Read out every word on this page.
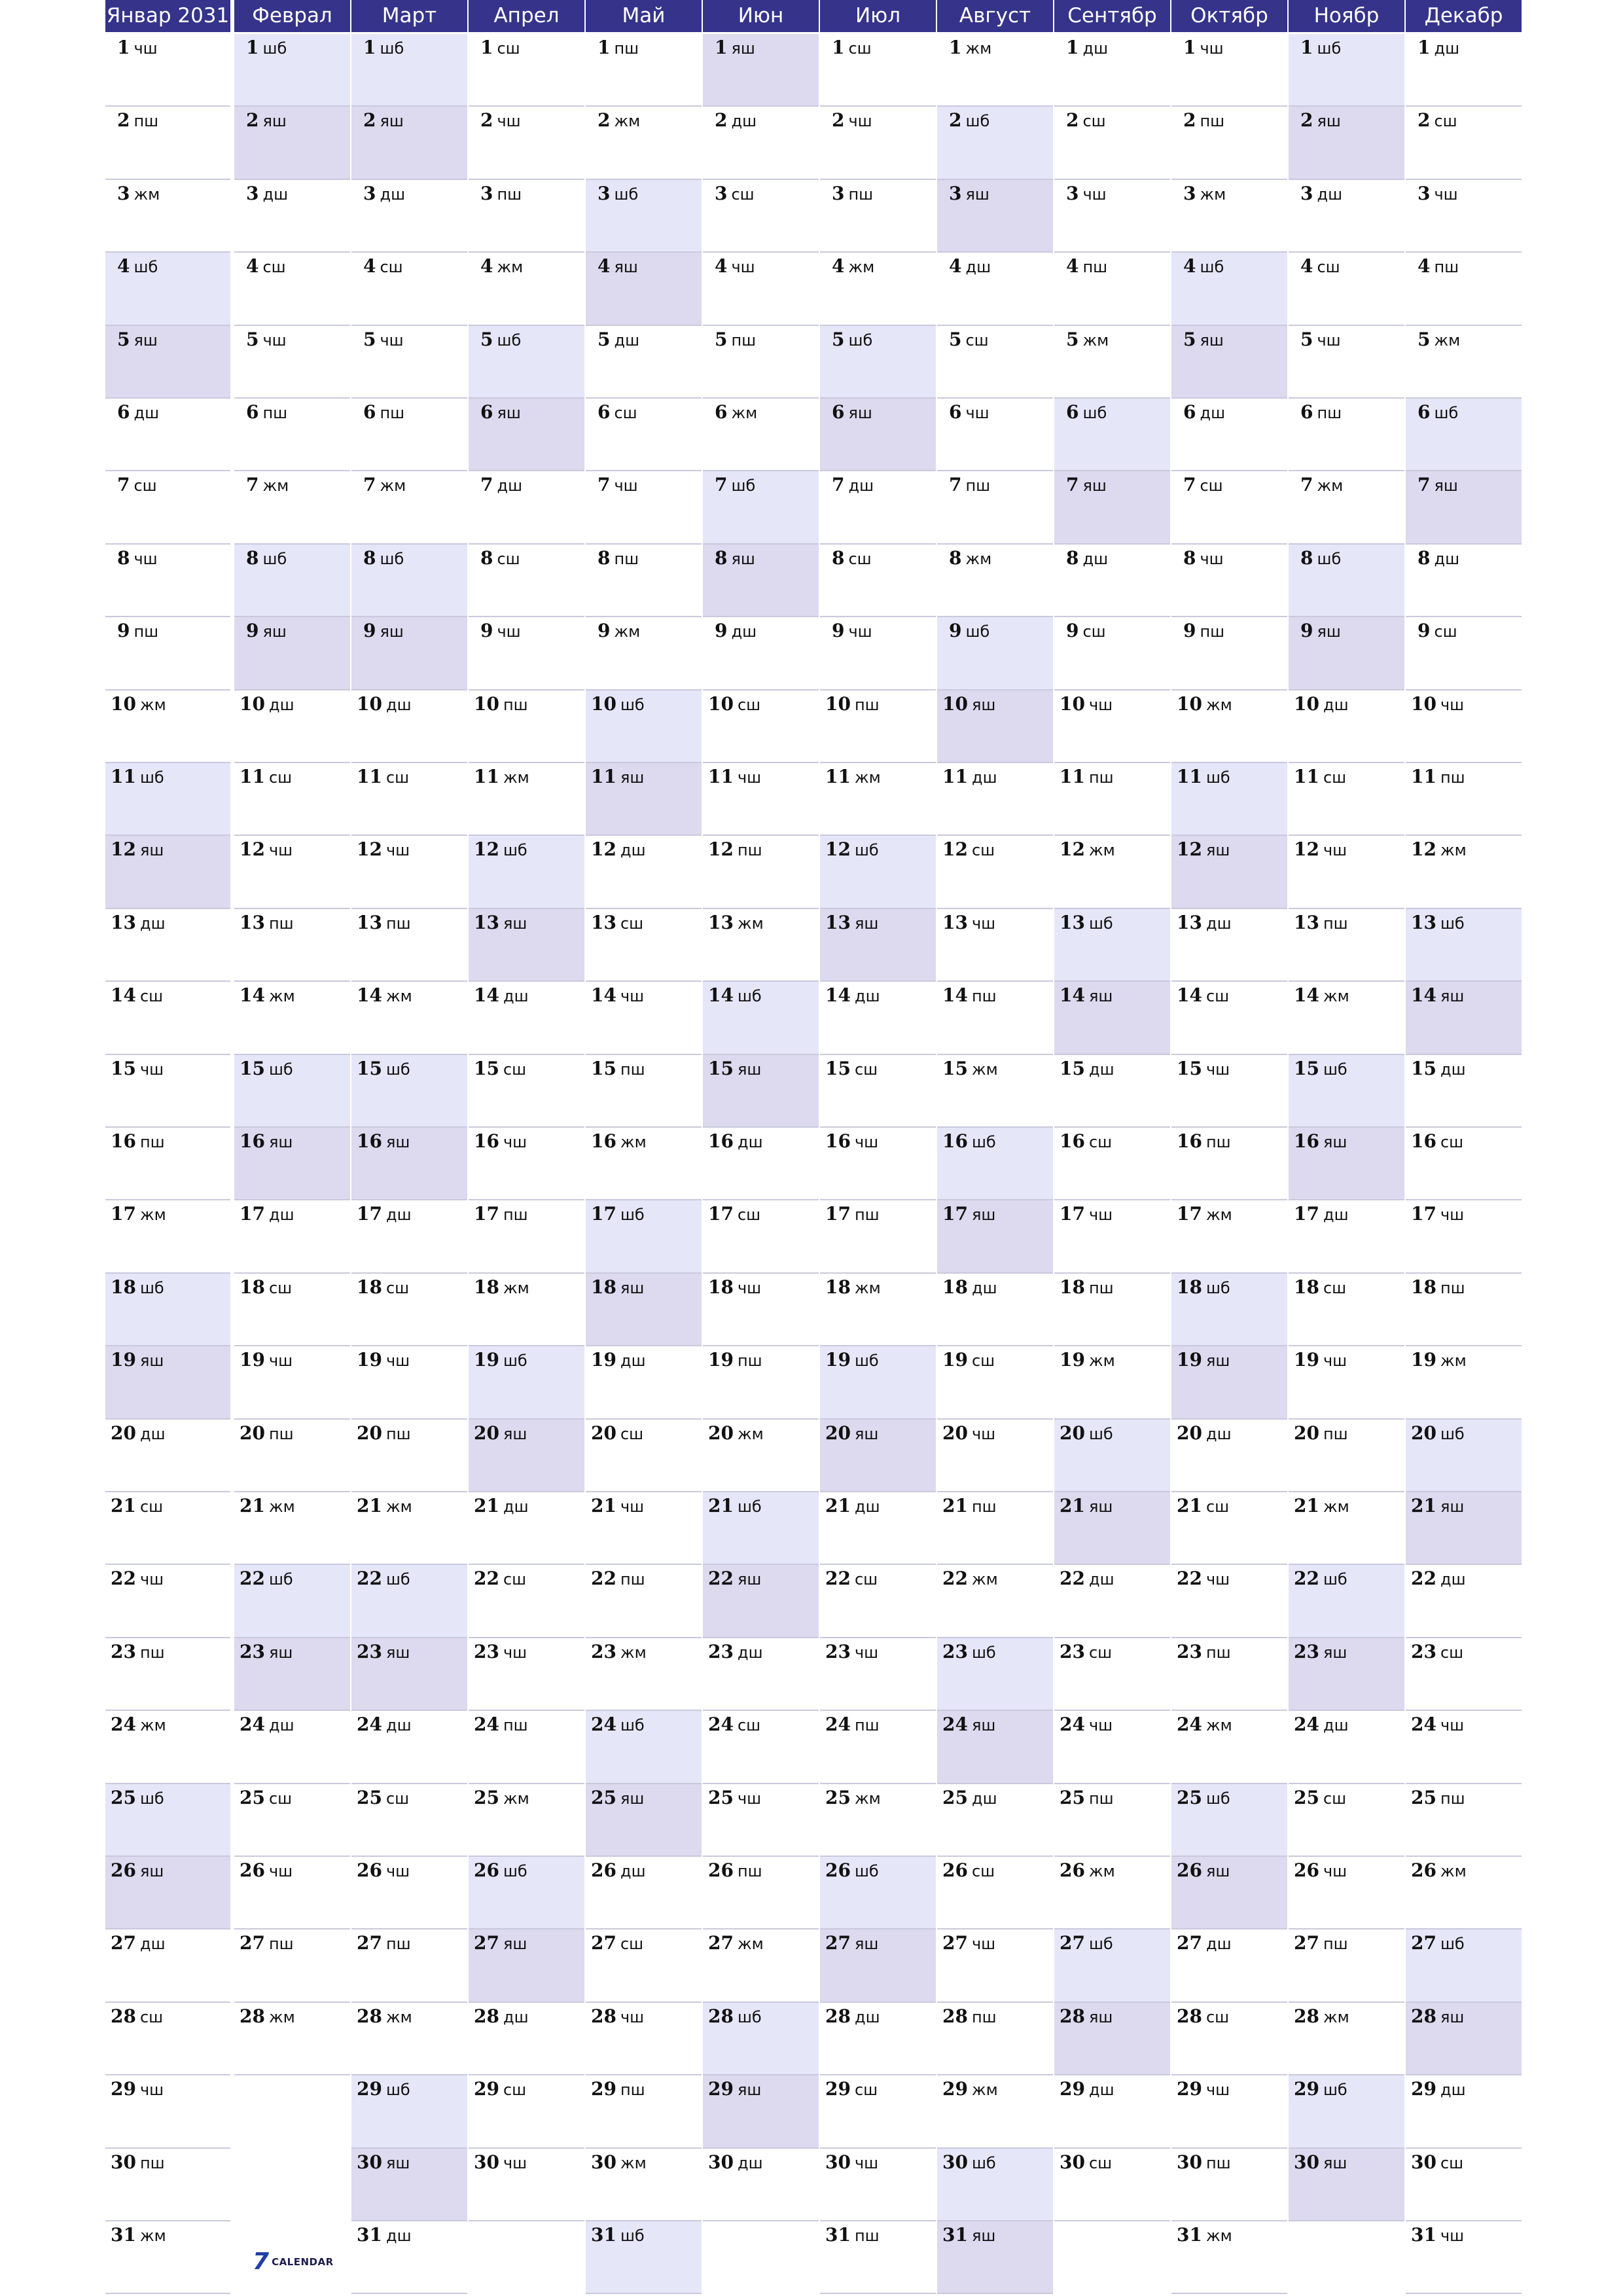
Январ 2031
1 чш
2 пш
3 жм
4 шб
5 яш
6 дш
7 сш
8 чш
9 пш
10 жм
11 шб
12 яш
13 дш
14 сш
15 чш
16 пш
17 жм
18 шб
19 яш
20 дш
21 сш
22 чш
23 пш
24 жм
25 шб
26 яш
27 дш
28 сш
29 чш
30 пш
31 жм
Феврал
1 шб
2 яш
3 дш
4 сш
5 чш
6 пш
7 жм
8 шб
9 яш
10 дш
11 сш
12 чш
13 пш
14 жм
15 шб
16 яш
17 дш
18 сш
19 чш
20 пш
21 жм
22 шб
23 яш
24 дш
25 сш
26 чш
27 пш
28 жм
Март
1 шб
2 яш
3 дш
4 сш
5 чш
6 пш
7 жм
8 шб
9 яш
10 дш
11 сш
12 чш
13 пш
14 жм
15 шб
16 яш
17 дш
18 сш
19 чш
20 пш
21 жм
22 шб
23 яш
24 дш
25 сш
26 чш
27 пш
28 жм
29 шб
30 яш
31 дш
Апрел
1 сш
2 чш
3 пш
4 жм
5 шб
6 яш
7 дш
8 сш
9 чш
10 пш
11 жм
12 шб
13 яш
14 дш
15 сш
16 чш
17 пш
18 жм
19 шб
20 яш
21 дш
22 сш
23 чш
24 пш
25 жм
26 шб
27 яш
28 дш
29 сш
30 чш
Май
1 пш
2 жм
3 шб
4 яш
5 дш
6 сш
7 чш
8 пш
9 жм
10 шб
11 яш
12 дш
13 сш
14 чш
15 пш
16 жм
17 шб
18 яш
19 дш
20 сш
21 чш
22 пш
23 жм
24 шб
25 яш
26 дш
27 сш
28 чш
29 пш
30 жм
31 шб
Июн
1 яш
2 дш
3 сш
4 чш
5 пш
6 жм
7 шб
8 яш
9 дш
10 сш
11 чш
12 пш
13 жм
14 шб
15 яш
16 дш
17 сш
18 чш
19 пш
20 жм
21 шб
22 яш
23 дш
24 сш
25 чш
26 пш
27 жм
28 шб
29 яш
30 дш
Июл
1 сш
2 чш
3 пш
4 жм
5 шб
6 яш
7 дш
8 сш
9 чш
10 пш
11 жм
12 шб
13 яш
14 дш
15 сш
16 чш
17 пш
18 жм
19 шб
20 яш
21 дш
22 сш
23 чш
24 пш
25 жм
26 шб
27 яш
28 дш
29 сш
30 чш
31 пш
Август
1 жм
2 шб
3 яш
4 дш
5 сш
6 чш
7 пш
8 жм
9 шб
10 яш
11 дш
12 сш
13 чш
14 пш
15 жм
16 шб
17 яш
18 дш
19 сш
20 чш
21 пш
22 жм
23 шб
24 яш
25 дш
26 сш
27 чш
28 пш
29 жм
30 шб
31 яш
Сентябр
1 дш
2 сш
3 чш
4 пш
5 жм
6 шб
7 яш
8 дш
9 сш
10 чш
11 пш
12 жм
13 шб
14 яш
15 дш
16 сш
17 чш
18 пш
19 жм
20 шб
21 яш
22 дш
23 сш
24 чш
25 пш
26 жм
27 шб
28 яш
29 дш
30 сш
Октябр
1 чш
2 пш
3 жм
4 шб
5 яш
6 дш
7 сш
8 чш
9 пш
10 жм
11 шб
12 яш
13 дш
14 сш
15 чш
16 пш
17 жм
18 шб
19 яш
20 дш
21 сш
22 чш
23 пш
24 жм
25 шб
26 яш
27 дш
28 сш
29 чш
30 пш
31 жм
Ноябр
1 шб
2 яш
3 дш
4 сш
5 чш
6 пш
7 жм
8 шб
9 яш
10 дш
11 сш
12 чш
13 пш
14 жм
15 шб
16 яш
17 дш
18 сш
19 чш
20 пш
21 жм
22 шб
23 яш
24 дш
25 сш
26 чш
27 пш
28 жм
29 шб
30 яш
Декабр
1 дш
2 сш
3 чш
4 пш
5 жм
6 шб
7 яш
8 дш
9 сш
10 чш
11 пш
12 жм
13 шб
14 яш
15 дш
16 сш
17 чш
18 пш
19 жм
20 шб
21 яш
22 дш
23 сш
24 чш
25 пш
26 жм
27 шб
28 яш
29 дш
30 сш
31 чш
7 CALENDAR
